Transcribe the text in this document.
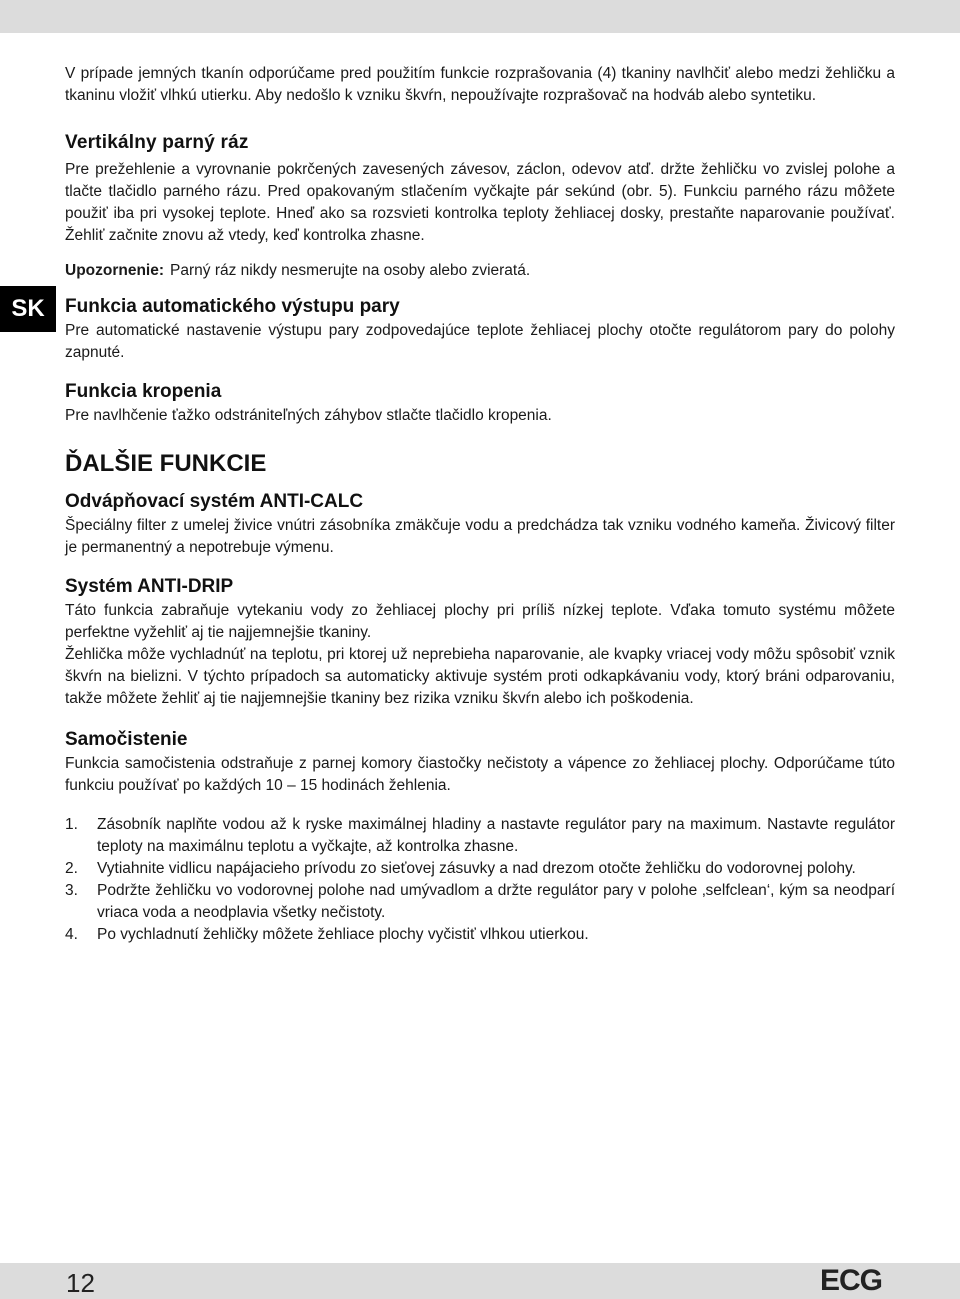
SK

V prípade jemných tkanín odporúčame pred použitím funkcie rozprašovania (4) tkaniny navlhčiť alebo medzi žehličku a tkaninu vložiť vlhkú utierku. Aby nedošlo k vzniku škvŕn, nepoužívajte rozprašovač na hodváb alebo syntetiku.

Vertikálny parný ráz

Pre prežehlenie a vyrovnanie pokrčených zavesených závesov, záclon, odevov atď. držte žehličku vo zvislej polohe a tlačte tlačidlo parného rázu. Pred opakovaným stlačením vyčkajte pár sekúnd (obr. 5). Funkciu parného rázu môžete použiť iba pri vysokej teplote. Hneď ako sa rozsvieti kontrolka teploty žehliacej dosky, prestaňte naparovanie používať. Žehliť začnite znovu až vtedy, keď kontrolka zhasne.

Upozornenie: Parný ráz nikdy nesmerujte na osoby alebo zvieratá.

Funkcia automatického výstupu pary

Pre automatické nastavenie výstupu pary zodpovedajúce teplote žehliacej plochy otočte regulátorom pary do polohy zapnuté.

Funkcia kropenia

Pre navlhčenie ťažko odstrániteľných záhybov stlačte tlačidlo kropenia.

ĎALŠIE FUNKCIE
Odvápňovací systém ANTI-CALC

Špeciálny filter z umelej živice vnútri zásobníka zmäkčuje vodu a predchádza tak vzniku vodného kameňa. Živicový filter je permanentný a nepotrebuje výmenu.

Systém ANTI-DRIP

Táto funkcia zabraňuje vytekaniu vody zo žehliacej plochy pri príliš nízkej teplote. Vďaka tomuto systému môžete perfektne vyžehliť aj tie najjemnejšie tkaniny.

Žehlička môže vychladnúť na teplotu, pri ktorej už neprebieha naparovanie, ale kvapky vriacej vody môžu spôsobiť vznik škvŕn na bielizni. V týchto prípadoch sa automaticky aktivuje systém proti odkapkávaniu vody, ktorý bráni odparovaniu, takže môžete žehliť aj tie najjemnejšie tkaniny bez rizika vzniku škvŕn alebo ich poškodenia.

Samočistenie

Funkcia samočistenia odstraňuje z parnej komory čiastočky nečistoty a vápence zo žehliacej plochy. Odporúčame túto funkciu používať po každých 10 – 15 hodinách žehlenia.

1. Zásobník naplňte vodou až k ryske maximálnej hladiny a nastavte regulátor pary na maximum. Nastavte regulátor teploty na maximálnu teplotu a vyčkajte, až kontrolka zhasne.
2. Vytiahnite vidlicu napájacieho prívodu zo sieťovej zásuvky a nad drezom otočte žehličku do vodorovnej polohy.
3. Podržte žehličku vo vodorovnej polohe nad umývadlom a držte regulátor pary v polohe ‚selfclean‘, kým sa neodparí vriaca voda a neodplavia všetky nečistoty.
4. Po vychladnutí žehličky môžete žehliace plochy vyčistiť vlhkou utierkou.
12	ECG
